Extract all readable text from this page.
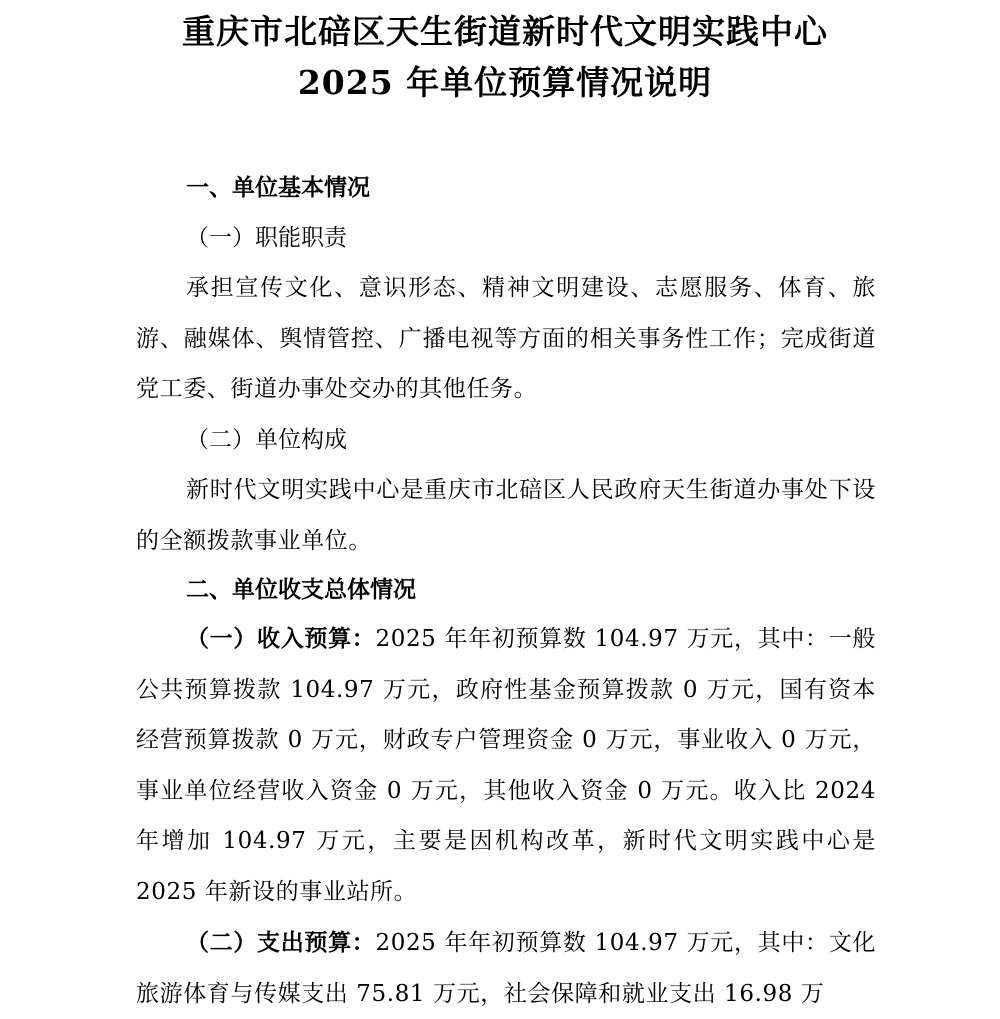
重庆市北碚区天生街道新时代文明实践中心
2025 年单位预算情况说明
一、单位基本情况
（一）职能职责
承担宣传文化、意识形态、精神文明建设、志愿服务、体育、旅游、融媒体、舆情管控、广播电视等方面的相关事务性工作；完成街道党工委、街道办事处交办的其他任务。
（二）单位构成
新时代文明实践中心是重庆市北碚区人民政府天生街道办事处下设的全额拨款事业单位。
二、单位收支总体情况
（一）收入预算：2025 年年初预算数 104.97 万元，其中：一般公共预算拨款 104.97 万元，政府性基金预算拨款 0 万元，国有资本经营预算拨款 0 万元，财政专户管理资金 0 万元，事业收入 0 万元，事业单位经营收入资金 0 万元，其他收入资金 0 万元。收入比 2024 年增加 104.97 万元，主要是因机构改革，新时代文明实践中心是 2025 年新设的事业站所。
（二）支出预算：2025 年年初预算数 104.97 万元，其中：文化旅游体育与传媒支出 75.81 万元，社会保障和就业支出 16.98 万
